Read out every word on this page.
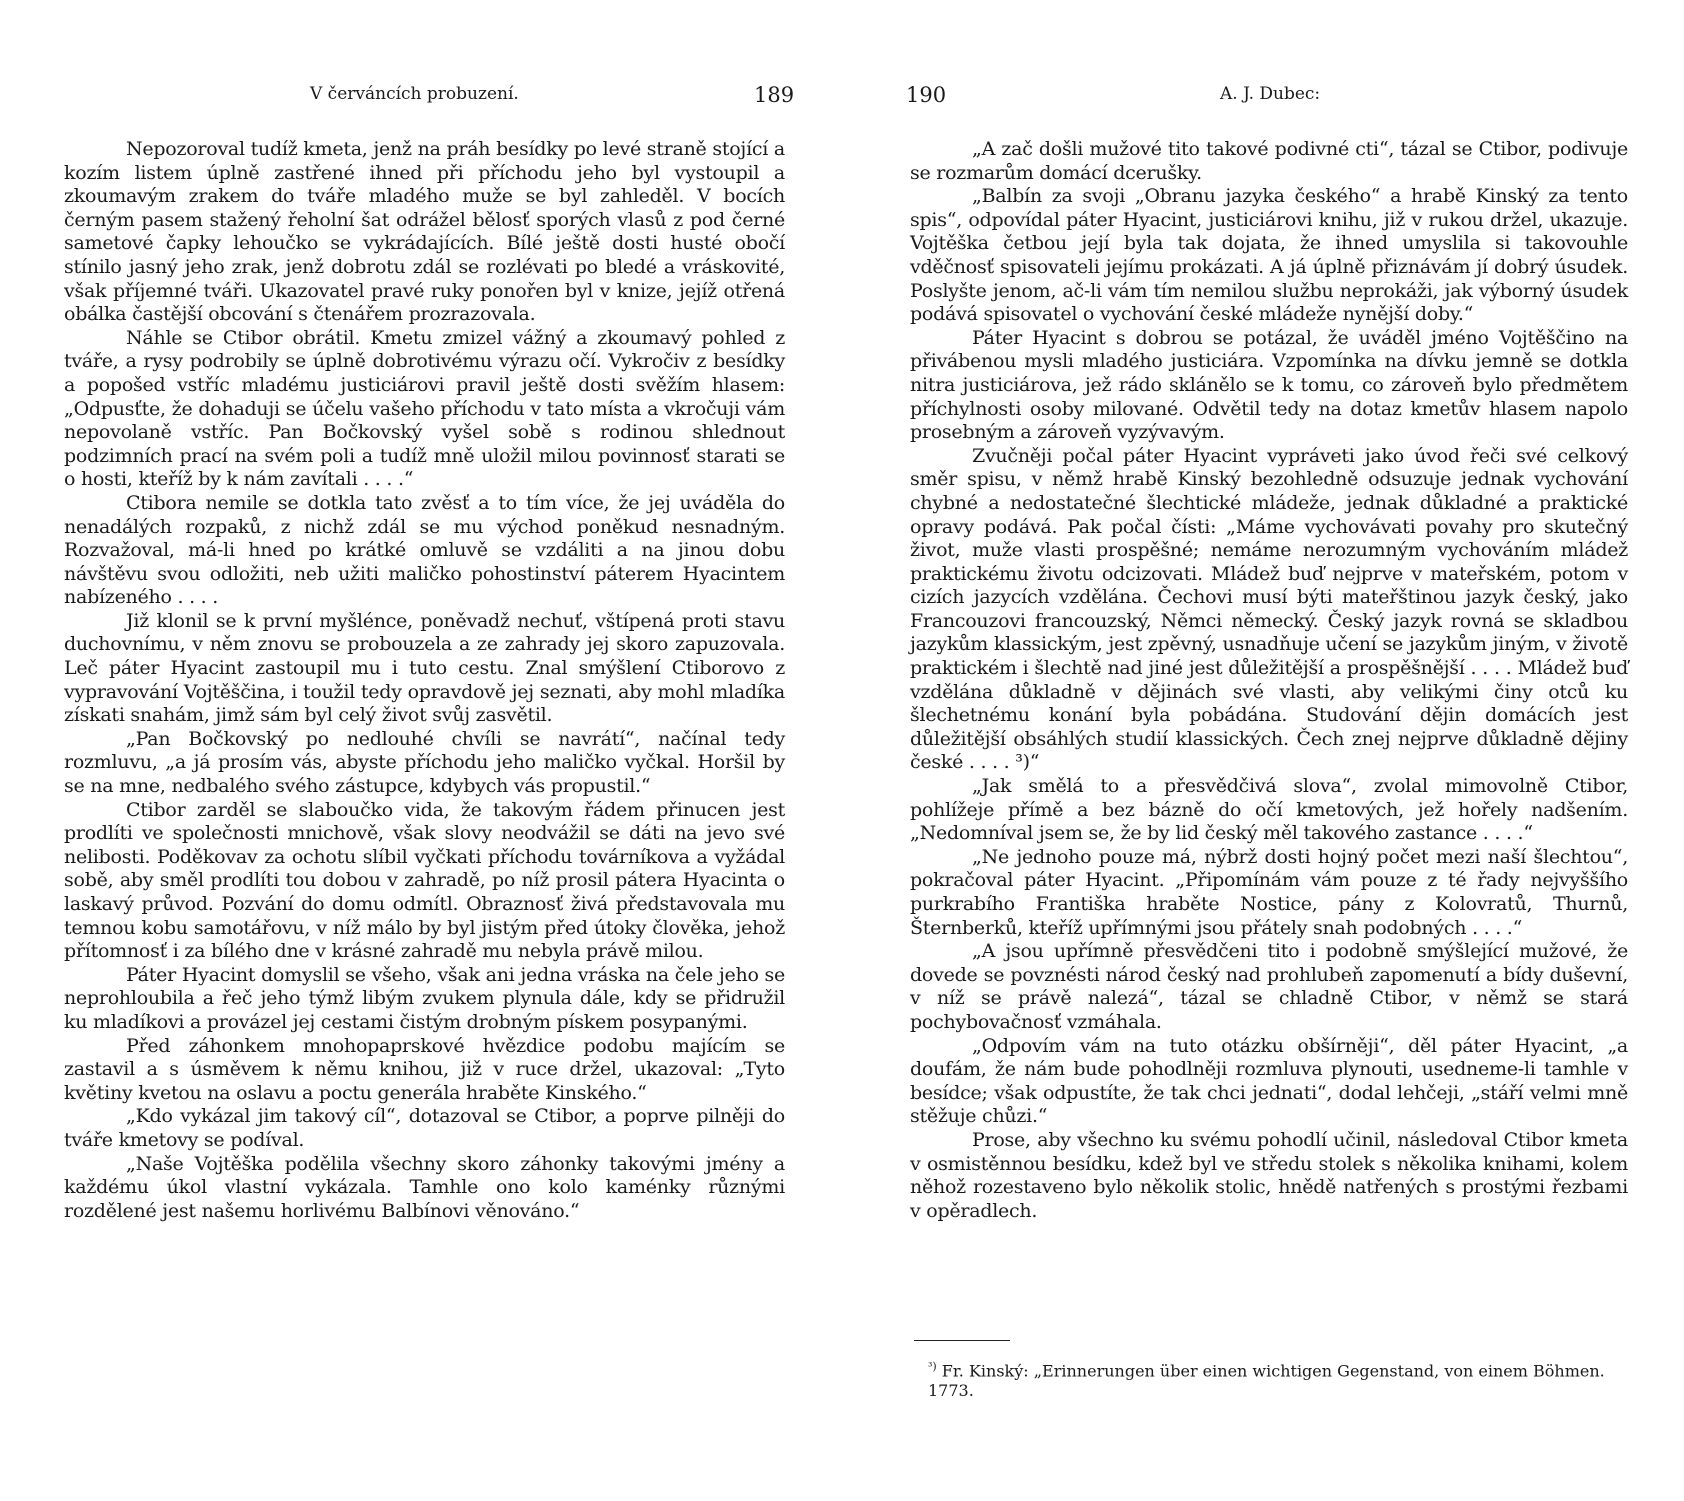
V červáncích probuzení.	189

Nepozoroval tudíž kmeta, jenž na práh besídky po levé straně stojící a kozím listem úplně zastřené ihned při příchodu jeho byl vystoupil a zkoumavým zrakem do tváře mladého muže se byl zahleděl. V bocích černým pasem stažený řeholní šat odrážel bělosť sporých vlasů z pod černé sametové čapky lehoučko se vykrádajících. Bílé ještě dosti husté obočí stínilo jasný jeho zrak, jenž dobrotu zdál se rozlévati po bledé a vráskovité, však příjemné tváři. Ukazovatel pravé ruky ponořen byl v knize, jejíž otřená obálka častější obcování s čtenářem prozrazovala.

Náhle se Ctibor obrátil. Kmetu zmizel vážný a zkoumavý pohled z tváře, a rysy podrobily se úplně dobrotivému výrazu očí. Vykročiv z besídky a popošed vstříc mladému justiciárovi pravil ještě dosti svěžím hlasem: „Odpusťte, že dohaduji se účelu vašeho příchodu v tato místa a vkročuji vám nepovolaně vstříc. Pan Bočkovský vyšel sobě s rodinou shlednout podzimních prací na svém poli a tudíž mně uložil milou povinnosť starati se o hosti, kteříž by k nám zavítali . . . .“

Ctibora nemile se dotkla tato zvěsť a to tím více, že jej uváděla do nenadálých rozpaků, z nichž zdál se mu východ poněkud nesnadným. Rozvažoval, má-li hned po krátké omluvě se vzdáliti a na jinou dobu návštěvu svou odložiti, neb užiti maličko pohostinství páterem Hyacintem nabízeného . . . .

Již klonil se k první myšlénce, poněvadž nechuť, vštípená proti stavu duchovnímu, v něm znovu se probouzela a ze zahrady jej skoro zapuzovala. Leč páter Hyacint zastoupil mu i tuto cestu. Znal smýšlení Ctiborovo z vypravování Vojtěščina, i toužil tedy opravdově jej seznati, aby mohl mladíka získati snahám, jimž sám byl celý život svůj zasvětil.

„Pan Bočkovský po nedlouhé chvíli se navrátí“, načínal tedy rozmluvu, „a já prosím vás, abyste příchodu jeho maličko vyčkal. Horšil by se na mne, nedbalého svého zástupce, kdybych vás propustil.“

Ctibor zarděl se slaboučko vida, že takovým řádem přinucen jest prodlíti ve společnosti mnichově, však slovy neodvážil se dáti na jevo své nelibosti. Poděkovav za ochotu slíbil vyčkati příchodu továrníkova a vyžádal sobě, aby směl prodlíti tou dobou v zahradě, po níž prosil pátera Hyacinta o laskavý průvod. Pozvání do domu odmítl. Obraznosť živá představovala mu temnou kobu samotářovu, v níž málo by byl jistým před útoky člověka, jehož přítomnosť i za bílého dne v krásné zahradě mu nebyla právě milou.

Páter Hyacint domyslil se všeho, však ani jedna vráska na čele jeho se neprohloubila a řeč jeho týmž libým zvukem plynula dále, kdy se přidružil ku mladíkovi a provázel jej cestami čistým drobným pískem posypanými.

Před záhonkem mnohopaprskové hvězdice podobu majícím se zastavil a s úsměvem k němu knihou, již v ruce držel, ukazoval: „Tyto květiny kvetou na oslavu a poctu generála hraběte Kinského.“

„Kdo vykázal jim takový cíl“, dotazoval se Ctibor, a poprve pilněji do tváře kmetovy se podíval.

„Naše Vojtěška podělila všechny skoro záhonky takovými jmény a každému úkol vlastní vykázala. Tamhle ono kolo kaménky různými rozdělené jest našemu horlivému Balbínovi věnováno.“

190	A. J. Dubec:

„A zač došli mužové tito takové podivné cti“, tázal se Ctibor, podivuje se rozmarům domácí dcerušky.

„Balbín za svoji „Obranu jazyka českého“ a hrabě Kinský za tento spis“, odpovídal páter Hyacint, justiciárovi knihu, již v rukou držel, ukazuje. Vojtěška četbou její byla tak dojata, že ihned umyslila si takovouhle vděčnosť spisovateli jejímu prokázati. A já úplně přiznávám jí dobrý úsudek. Poslyšte jenom, ač-li vám tím nemilou službu neprokáži, jak výborný úsudek podává spisovatel o vychování české mládeže nynější doby.“

Páter Hyacint s dobrou se potázal, že uváděl jméno Vojtěščino na přivábenou mysli mladého justiciára. Vzpomínka na dívku jemně se dotkla nitra justiciárova, jež rádo sklánělo se k tomu, co zároveň bylo předmětem příchylnosti osoby milované. Odvětil tedy na dotaz kmetův hlasem napolo prosebným a zároveň vyzývavým.

Zvučněji počal páter Hyacint vypráveti jako úvod řeči své celkový směr spisu, v němž hrabě Kinský bezohledně odsuzuje jednak vychování chybné a nedostatečné šlechtické mládeže, jednak důkladné a praktické opravy podává. Pak počal čísti: „Máme vychovávati povahy pro skutečný život, muže vlasti prospěšné; nemáme nerozumným vychováním mládež praktickému životu odcizovati. Mládež buď nejprve v mateřském, potom v cizích jazycích vzdělána. Čechovi musí býti mateřštinou jazyk český, jako Francouzovi francouzský, Němci německý. Český jazyk rovná se skladbou jazykům klassickým, jest zpěvný, usnadňuje učení se jazykům jiným, v životě praktickém i šlechtě nad jiné jest důležitější a prospěšnější . . . . Mládež buď vzdělána důkladně v dějinách své vlasti, aby velikými činy otců ku šlechetnému konání byla pobádána. Studování dějin domácích jest důležitější obsáhlých studií klassických. Čech znej nejprve důkladně dějiny české . . . . ³)“

„Jak smělá to a přesvědčivá slova“, zvolal mimovolně Ctibor, pohlížeje přímě a bez bázně do očí kmetových, jež hořely nadšením. „Nedomníval jsem se, že by lid český měl takového zastance . . . .“

„Ne jednoho pouze má, nýbrž dosti hojný počet mezi naší šlechtou“, pokračoval páter Hyacint. „Připomínám vám pouze z té řady nejvyššího purkrabího Františka hraběte Nostice, pány z Kolovratů, Thurnů, Šternberků, kteříž upřímnými jsou přátely snah podobných . . . .“

„A jsou upřímně přesvědčeni tito i podobně smýšlející mužové, že dovede se povznésti národ český nad prohlubeň zapomenutí a bídy duševní, v níž se právě nalezá“, tázal se chladně Ctibor, v němž se stará pochybovačnosť vzmáhala.

„Odpovím vám na tuto otázku obšírněji“, děl páter Hyacint, „a doufám, že nám bude pohodlněji rozmluva plynouti, usedneme-li tamhle v besídce; však odpustíte, že tak chci jednati“, dodal lehčeji, „stáří velmi mně stěžuje chůzi.“

Prose, aby všechno ku svému pohodlí učinil, následoval Ctibor kmeta v osmistěnnou besídku, kdež byl ve středu stolek s několika knihami, kolem něhož rozestaveno bylo několik stolic, hnědě natřených s prostými řezbami v opěradlech.

$^{^3)}$ Fr. Kinský: „Erinnerungen über einen wichtigen Gegenstand, von einem Böhmen. 1773.
